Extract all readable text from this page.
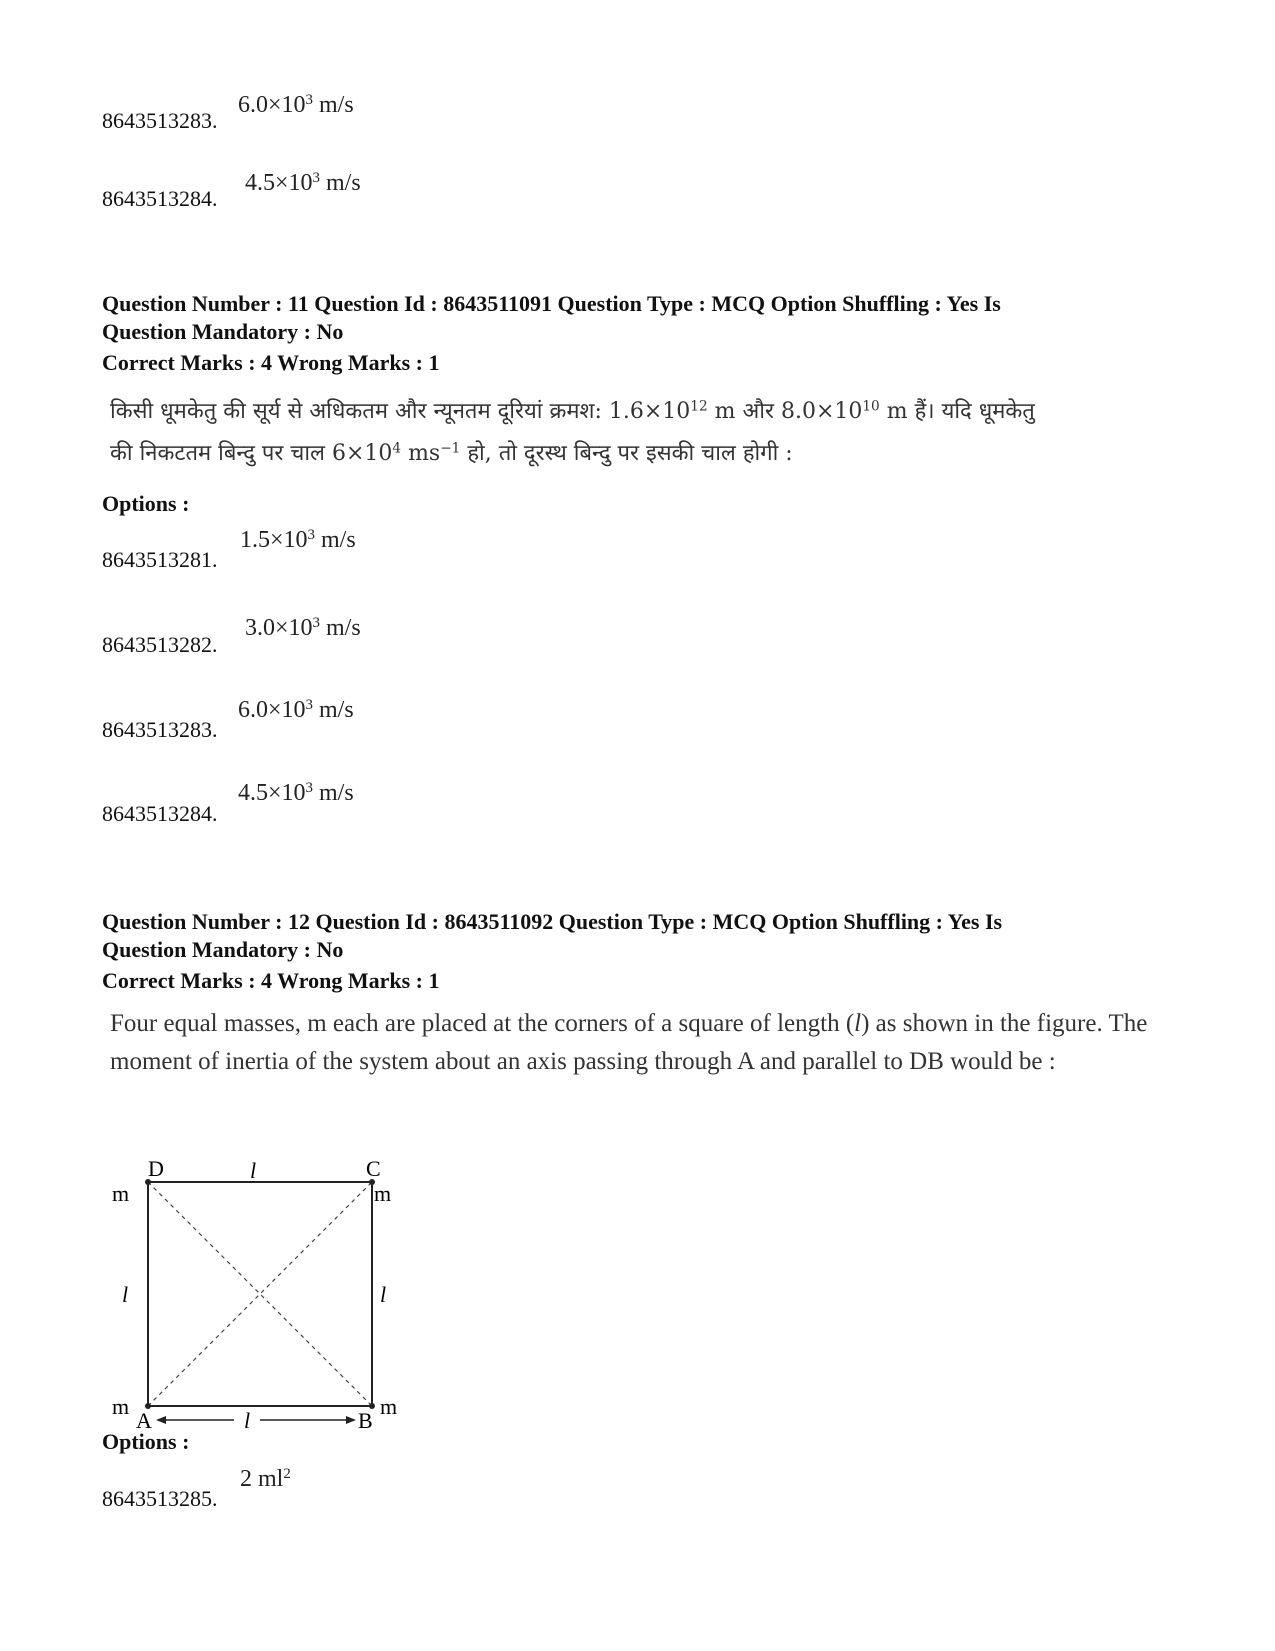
$6.0\times 10^3$ m/s
8643513283.
$4.5\times 10^3$ m/s
8643513284.
Question Number : 11 Question Id : 8643511091 Question Type : MCQ Option Shuffling : Yes Is
Question Mandatory : No
Correct Marks : 4 Wrong Marks : 1
किसी धूमकेतु की सूर्य से अधिकतम और न्यूनतम दूरियां क्रमश: $1.6\times 10^{12}$ m और $8.0\times 10^{10}$ m हैं। यदि धूमकेतु
की निकटतम बिन्दु पर चाल $6\times 10^4$ $ms^{-1}$ हो, तो दूरस्थ बिन्दु पर इसकी चाल होगी :
Options :
$1.5\times 10^3$ m/s
8643513281.
$3.0\times 10^3$ m/s
8643513282.
$6.0\times 10^3$ m/s
8643513283.
$4.5\times 10^3$ m/s
8643513284.
Question Number : 12 Question Id : 8643511092 Question Type : MCQ Option Shuffling : Yes Is
Question Mandatory : No
Correct Marks : 4 Wrong Marks : 1
Four equal masses, m each are placed at the corners of a square of length (l) as shown in the figure. The moment of inertia of the system about an axis passing through A and parallel to DB would be :
D	l	C
m	m
l	l
m	m
A	B
l
Options :
2 $ml^2$
8643513285.
